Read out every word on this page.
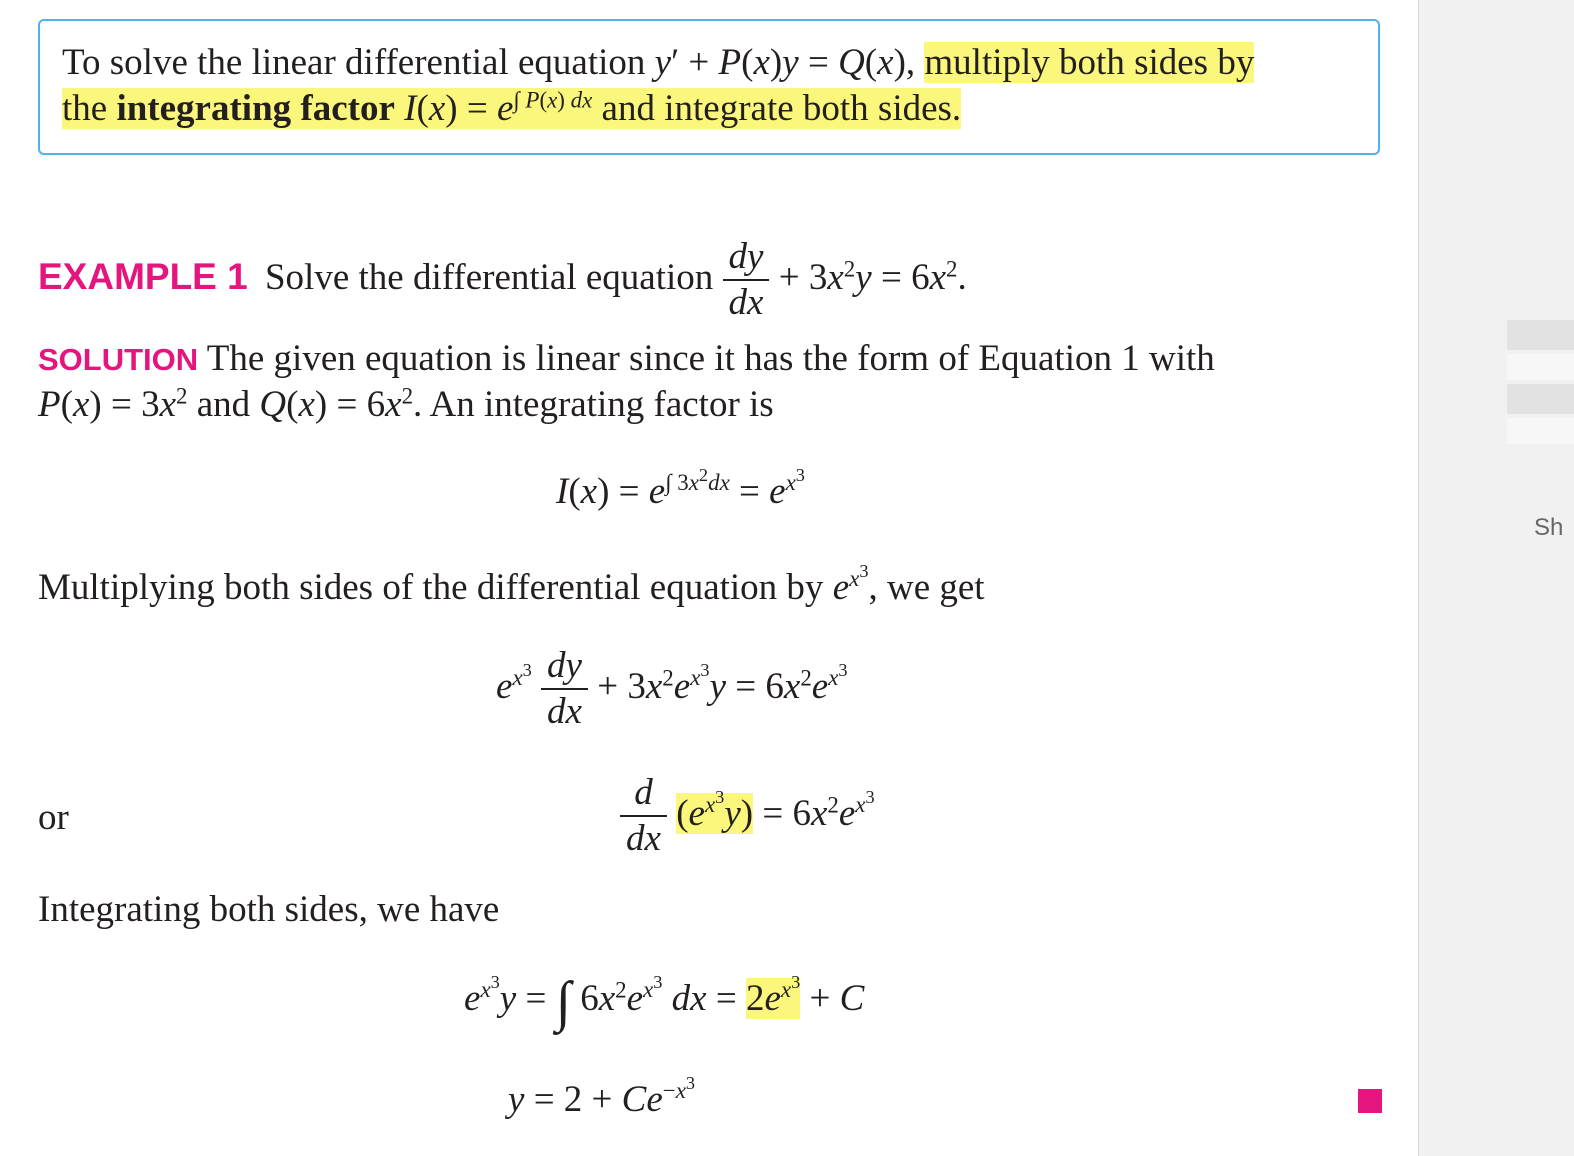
To solve the linear differential equation y′ + P(x)y = Q(x), multiply both sides by
the integrating factor $I(x) = e^{\int P(x) dx}$ and integrate both sides.
EXAMPLE 1 Solve the differential equation $\frac{dy}{dx} + 3x^2y = 6x^2$.
SOLUTION The given equation is linear since it has the form of Equation 1 with
$P(x) = 3x^2$ and $Q(x) = 6x^2$. An integrating factor is
$I(x) = e^{\int 3x^2dx} = e^{x^3}$
Multiplying both sides of the differential equation by $e^{x^3}$, we get
$e^{x^3} \frac{dy}{dx} + 3x^2e^{x^3}y = 6x^2e^{x^3}$
or	$\frac{d}{dx} (e^{x^3}y) = 6x^2e^{x^3}$
Integrating both sides, we have
$e^{x^3}y$ = ∫ $6x^2e^{x^3}$ dx = $2e^{x^3} + C$
$y = 2 + Ce^{-x^3}$
Sh
